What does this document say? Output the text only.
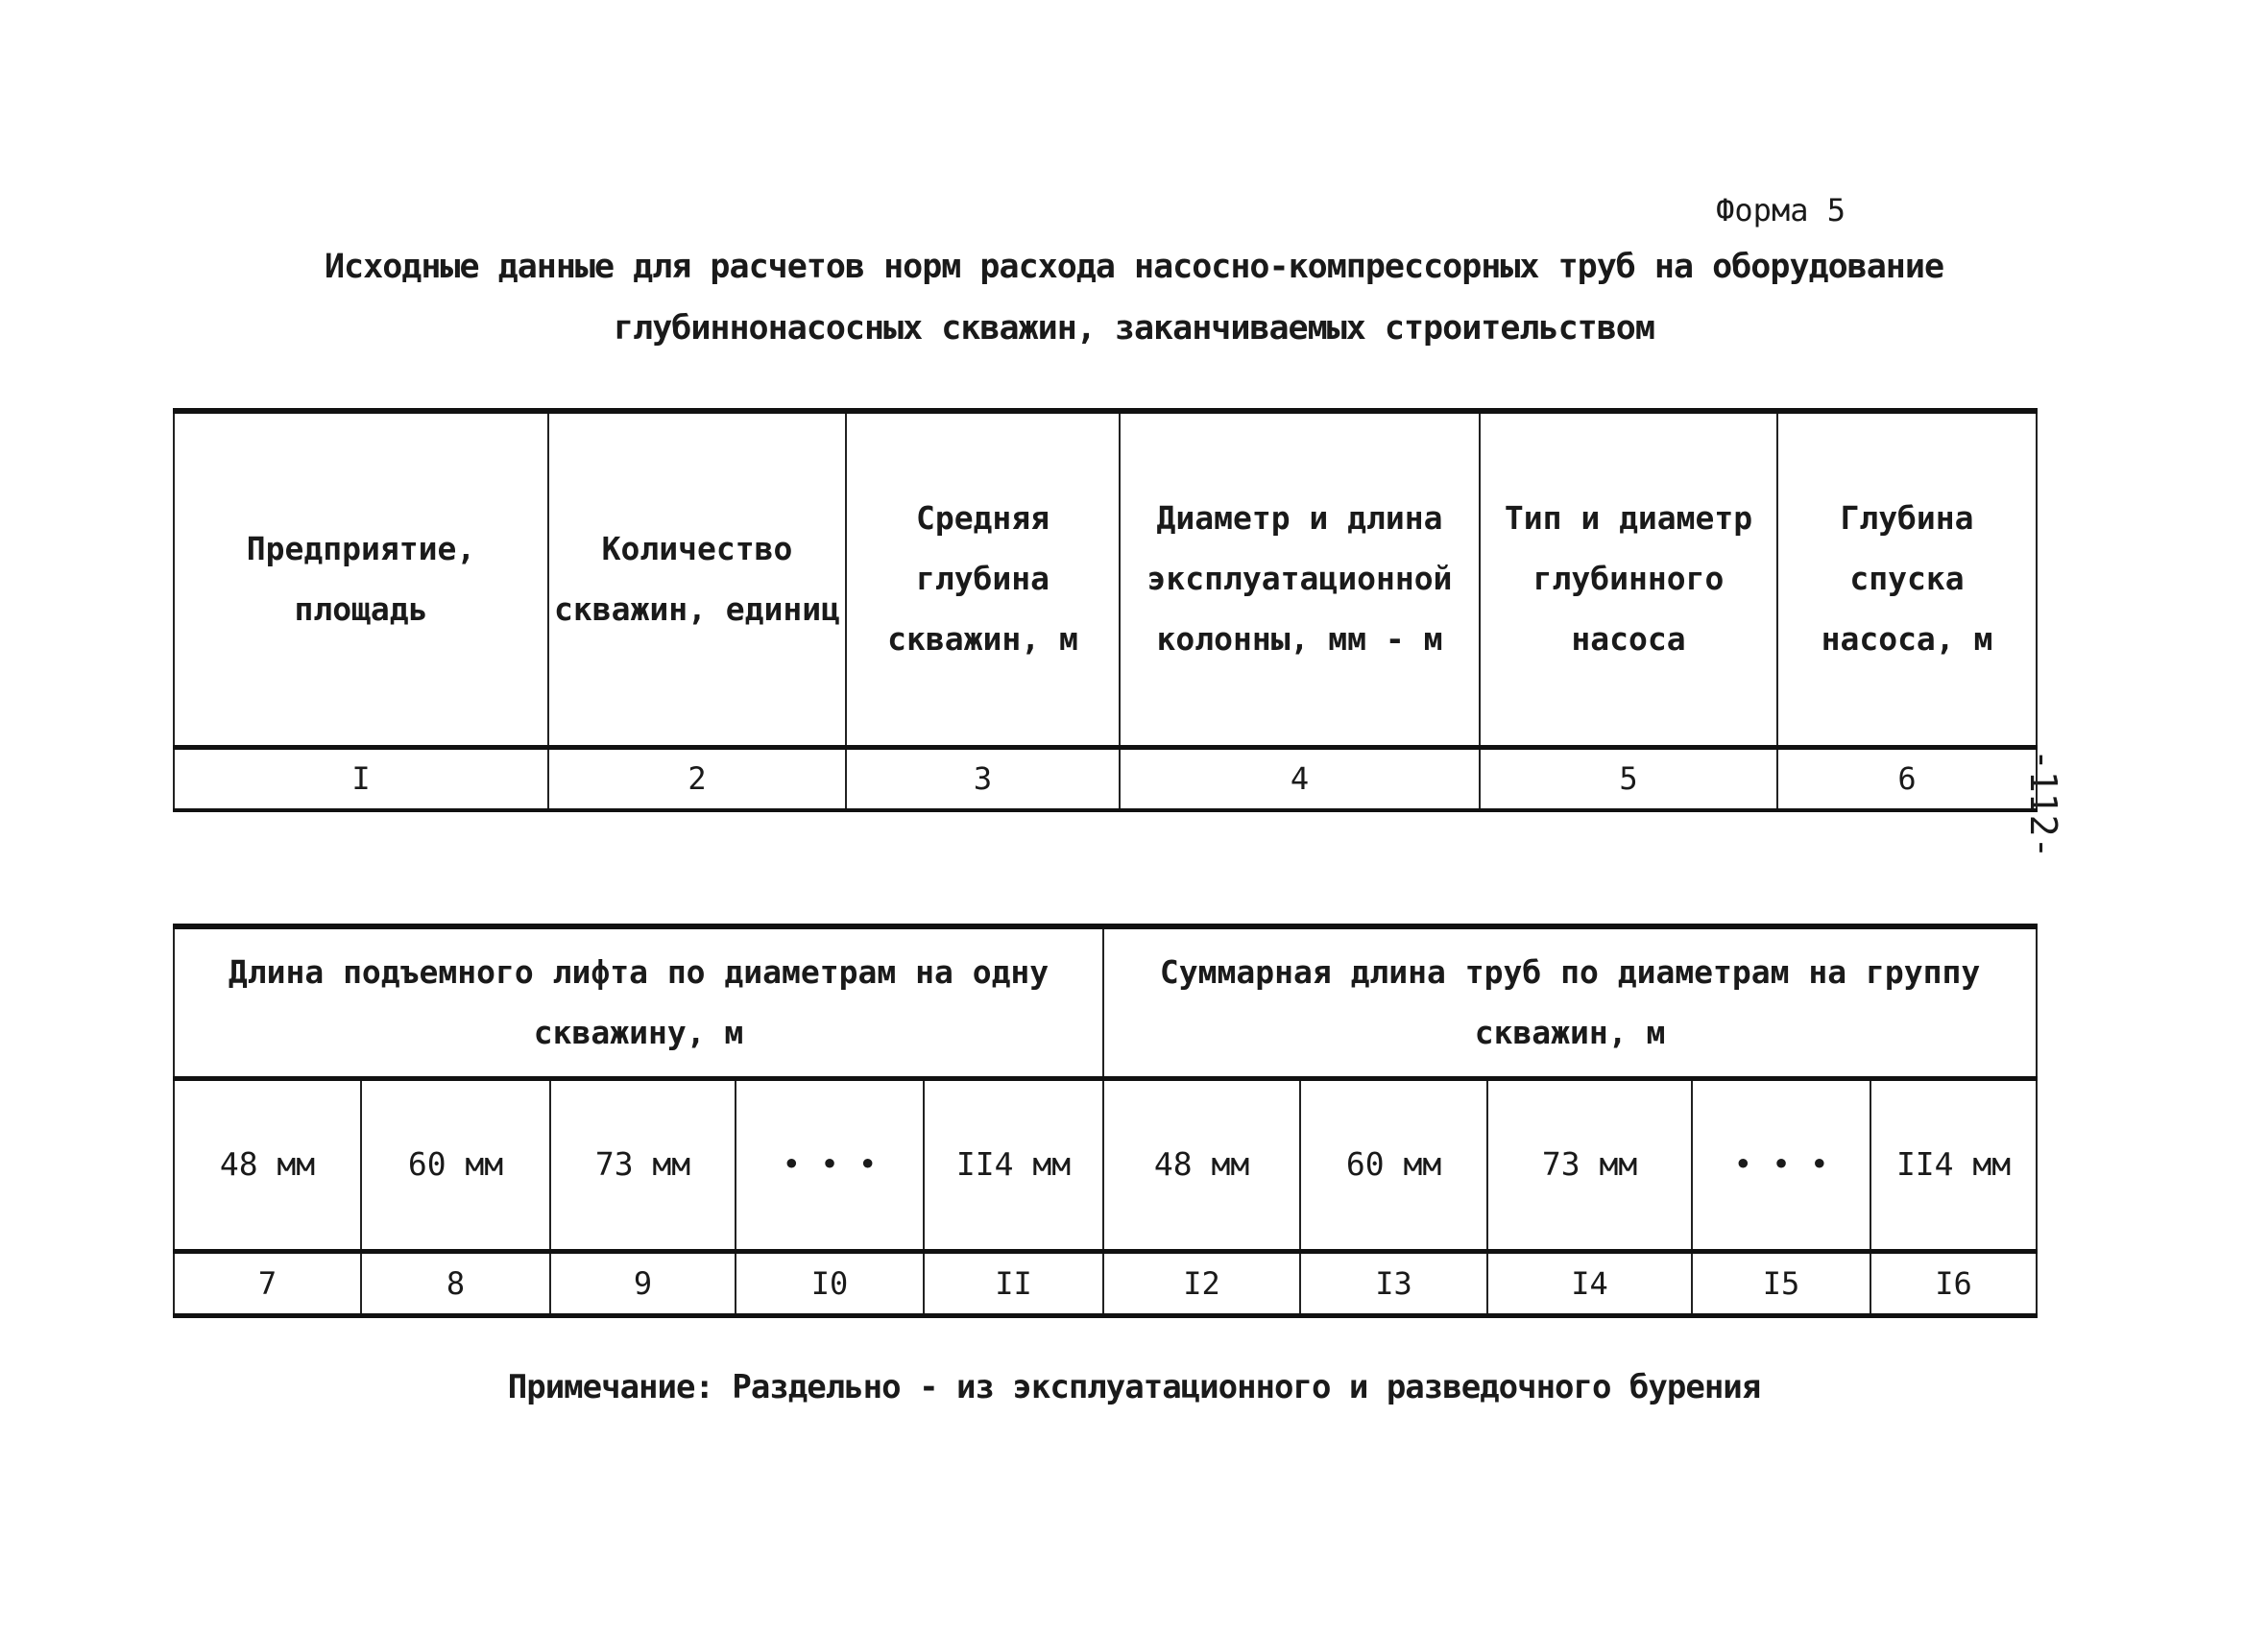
Форма 5
Исходные данные для расчетов норм расхода насосно-компрессорных труб на оборудование
глубиннонасосных скважин, заканчиваемых строительством
-112-
Предприятие, площадь	Количество скважин, единиц	Средняя глубина скважин, м	Диаметр и длина эксплуатационной колонны, мм - м	Тип и диаметр глубинного насоса	Глубина спуска насоса, м
I	2	3	4	5	6
Длина подъемного лифта по диаметрам на одну скважину, м					Суммарная длина труб по диаметрам на группу скважин, м				
48 мм	60 мм	73 мм	• • •	II4 мм	48 мм	60 мм	73 мм	• • •	II4 мм
7	8	9	I0	II	I2	I3	I4	I5	I6
Примечание: Раздельно - из эксплуатационного и разведочного бурения
